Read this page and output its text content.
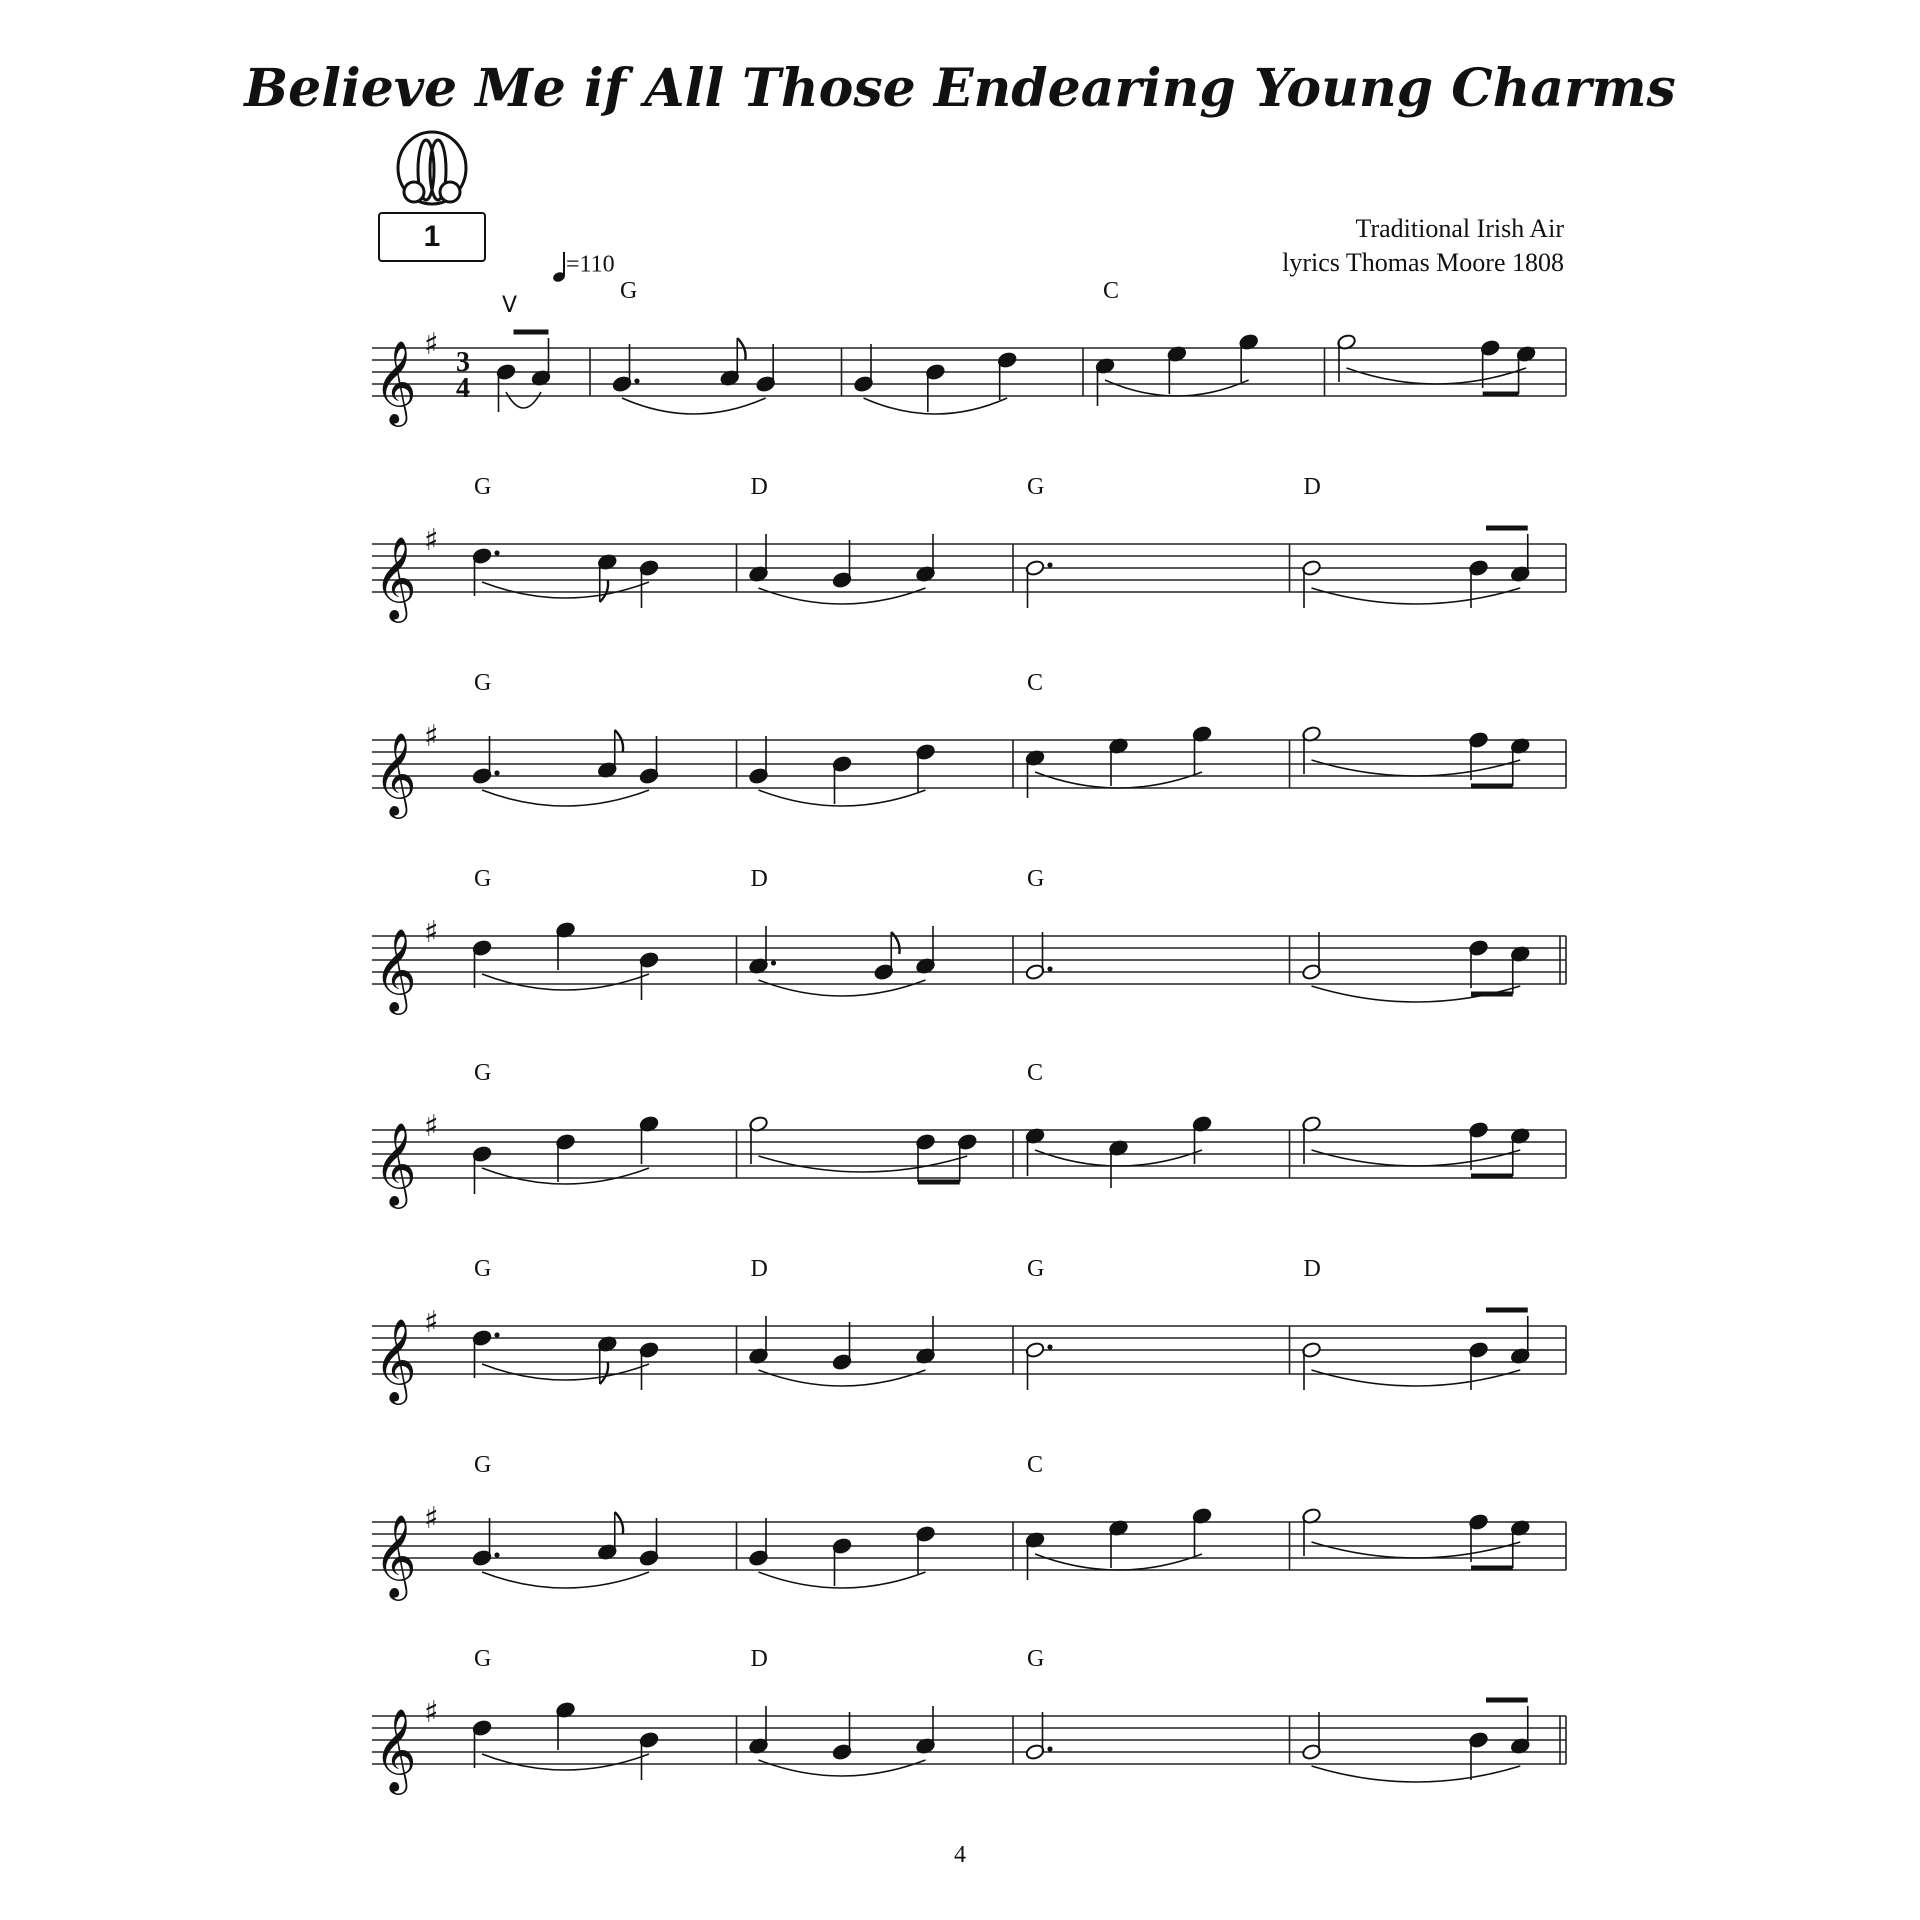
Believe Me if All Those Endearing Young Charms
1	Traditional Irish Air
lyrics Thomas Moore 1808
=110
𝄞 ♯
3
4
V
G	C
𝄞 ♯
G	D	G	D
𝄞 ♯
G	C
𝄞 ♯
G	D	G
𝄞 ♯
G	C
𝄞 ♯
G	D	G	D
𝄞 ♯
G	C
𝄞 ♯
G	D	G
4
